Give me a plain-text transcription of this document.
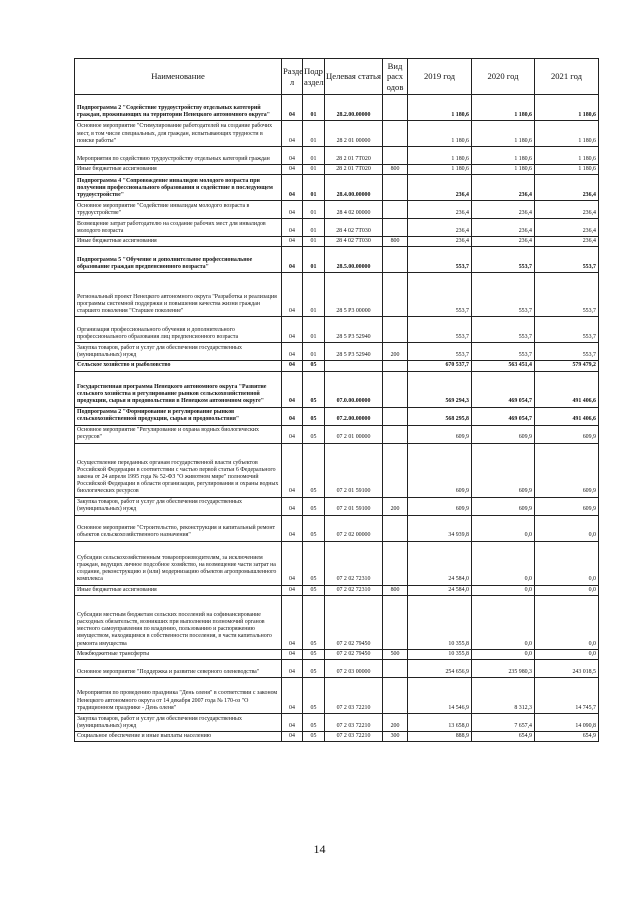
Наименование	Разде л	Подр аздел	Целевая статья	Вид расх одов	2019 год	2020 год	2021 год
Подпрограмма 2 "Содействие трудоустройству отдельных категорий граждан, проживающих на территории Ненецкого автономного округа"	04	01	28.2.00.00000		1 180,6	1 180,6	1 180,6
Основное мероприятие "Стимулирование работодателей на создание рабочих мест, в том числе специальных, для граждан, испытывающих трудности в поиске работы"	04	01	28 2 01 00000		1 180,6	1 180,6	1 180,6
Мероприятия по содействию трудоустройству отдельных категорий граждан	04	01	28 2 01 7Т020		1 180,6	1 180,6	1 180,6
Иные бюджетные ассигнования	04	01	28 2 01 7Т020	800	1 180,6	1 180,6	1 180,6
Подпрограмма 4 "Сопровождение инвалидов молодого возраста при получении профессионального образования и содействие в последующем трудоустройстве"	04	01	28.4.00.00000		236,4	236,4	236,4
Основное мероприятие "Содействие инвалидам молодого возраста в трудоустройстве"	04	01	28 4 02 00000		236,4	236,4	236,4
Возмещение затрат работодателю на создание рабочих мест для инвалидов молодого возраста	04	01	28 4 02 7Т030		236,4	236,4	236,4
Иные бюджетные ассигнования	04	01	28 4 02 7Т030	800	236,4	236,4	236,4
Подпрограмма 5 "Обучение и дополнительное профессиональное образование граждан предпенсионного возраста"	04	01	28.5.00.00000		553,7	553,7	553,7
Региональный проект Ненецкого автономного округа "Разработка и реализация программы системной поддержки и повышения качества жизни граждан старшего поколения "Старшее поколение"	04	01	28 5 P3 00000		553,7	553,7	553,7
Организация профессионального обучения и дополнительного профессионального образования лиц предпенсионного возраста	04	01	28 5 P3 52940		553,7	553,7	553,7
Закупка товаров, работ и услуг для обеспечения государственных (муниципальных) нужд	04	01	28 5 P3 52940	200	553,7	553,7	553,7
Сельское хозяйство и рыболовство	04	05			670 537,7	563 451,4	579 479,2
Государственная программа Ненецкого автономного округа "Развитие сельского хозяйства и регулирование рынков сельскохозяйственной продукции, сырья и продовольствия в Ненецком автономном округе"	04	05	07.0.00.00000		569 294,3	469 054,7	491 406,6
Подпрограмма 2 "Формирование и регулирование рынков сельскохозяйственной продукции, сырья и продовольствия"	04	05	07.2.00.00000		568 295,8	469 054,7	491 406,6
Основное мероприятие "Регулирование и охрана водных биологических ресурсов"	04	05	07 2 01 00000		609,9	609,9	609,9
Осуществление переданных органам государственной власти субъектов Российской Федерации в соответствии с частью первой статьи 6 Федерального закона от 24 апреля 1995 года № 52-ФЗ "О животном мире" полномочий Российской Федерации в области организации, регулирования и охраны водных биологических ресурсов	04	05	07 2 01 59100		609,9	609,9	609,9
Закупка товаров, работ и услуг для обеспечения государственных (муниципальных) нужд	04	05	07 2 01 59100	200	609,9	609,9	609,9
Основное мероприятие "Строительство, реконструкция и капитальный ремонт объектов сельскохозяйственного назначения"	04	05	07 2 02 00000		34 939,8	0,0	0,0
Субсидии сельскохозяйственным товаропроизводителям, за исключением граждан, ведущих личное подсобное хозяйство, на возмещение части затрат на создание, реконструкцию и (или) модернизацию объектов агропромышленного комплекса	04	05	07 2 02 72310		24 584,0	0,0	0,0
Иные бюджетные ассигнования	04	05	07 2 02 72310	800	24 584,0	0,0	0,0
Субсидии местным бюджетам сельских поселений на софинансирование расходных обязательств, возникших при выполнении полномочий органов местного самоуправления по владению, пользованию и распоряжению имуществом, находящимся в собственности поселения, в части капитального ремонта имущества	04	05	07 2 02 79450		10 355,8	0,0	0,0
Межбюджетные трансферты	04	05	07 2 02 79450	500	10 355,8	0,0	0,0
Основное мероприятие "Поддержка и развитие северного оленеводства"	04	05	07 2 03 00000		254 656,9	235 980,3	243 018,5
Мероприятия по проведению праздника "День оленя" в соответствии с законом Ненецкого автономного округа от 14 декабря 2007 года № 170-оз "О традиционном празднике - День оленя"	04	05	07 2 03 72210		14 546,9	8 312,3	14 745,7
Закупка товаров, работ и услуг для обеспечения государственных (муниципальных) нужд	04	05	07 2 03 72210	200	13 658,0	7 657,4	14 090,8
Социальное обеспечение и иные выплаты населению	04	05	07 2 03 72210	300	888,9	654,9	654,9
14
